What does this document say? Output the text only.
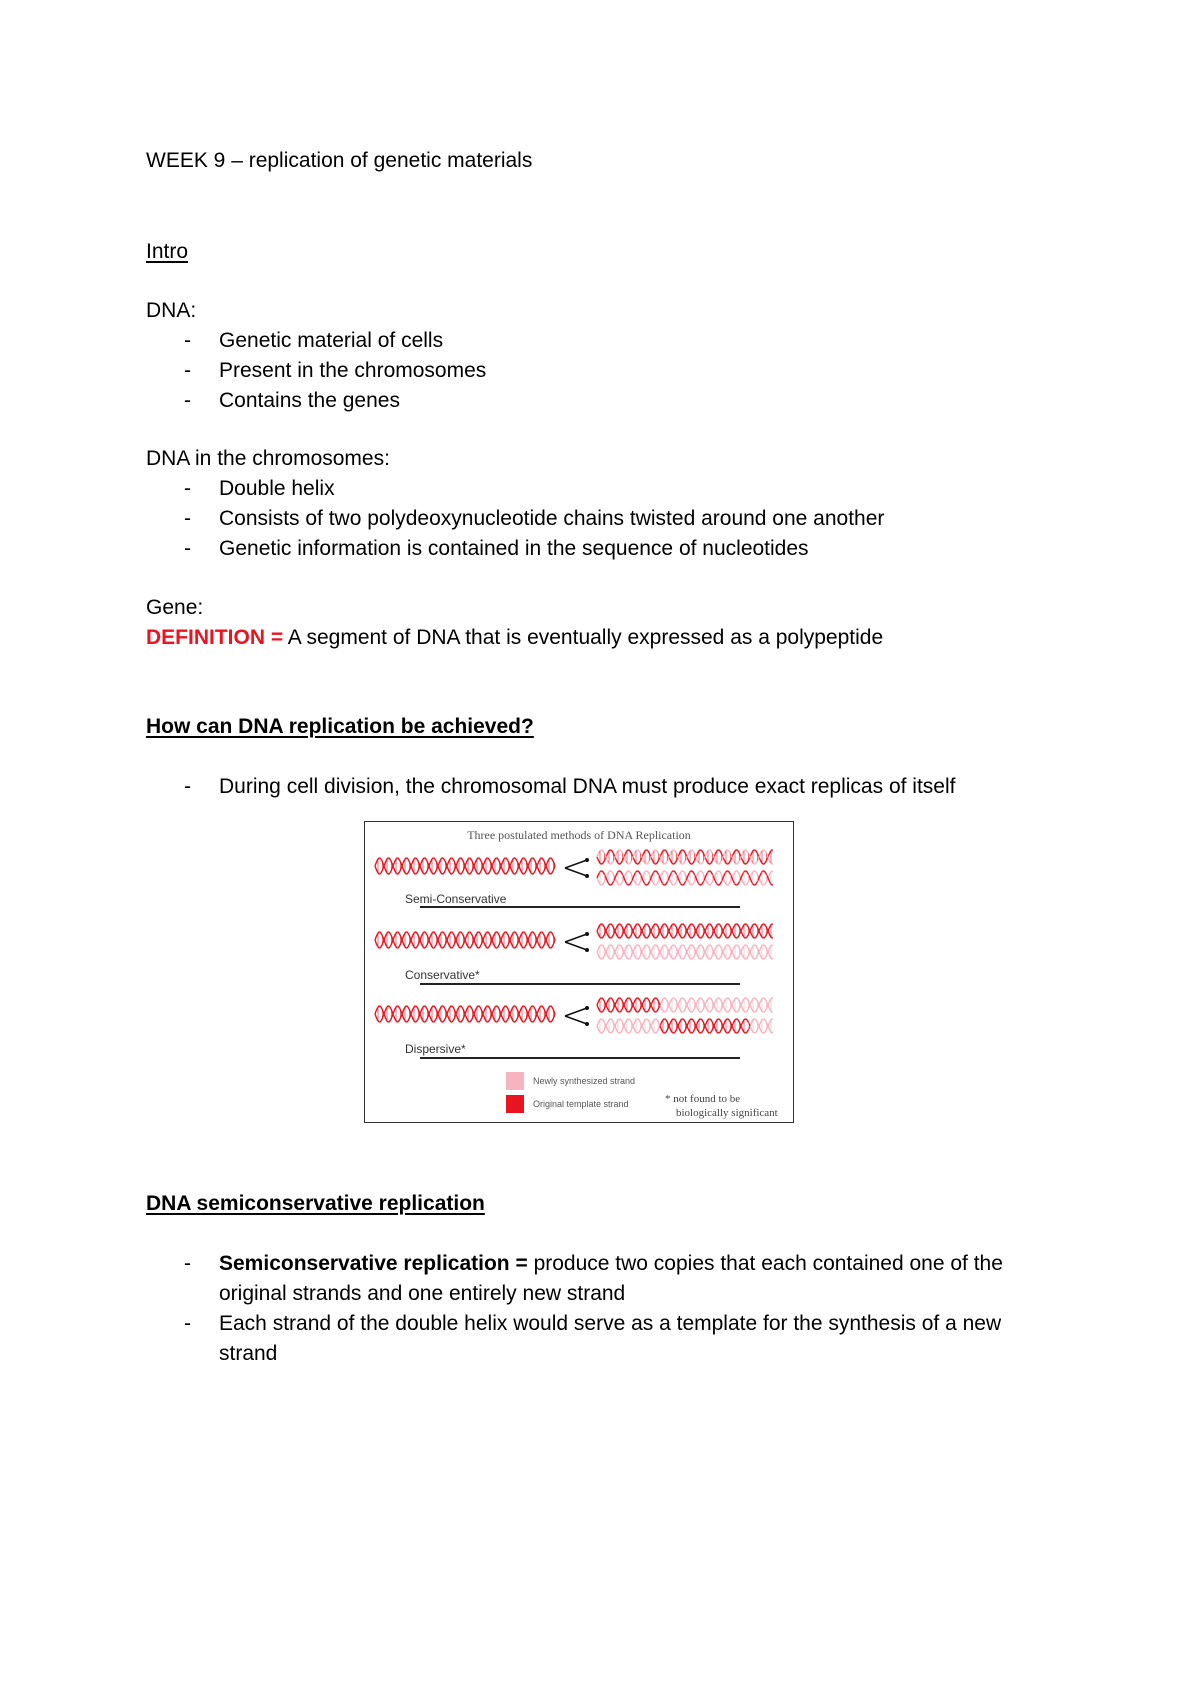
WEEK 9 – replication of genetic materials
Intro
DNA:
- Genetic material of cells
- Present in the chromosomes
- Contains the genes
DNA in the chromosomes:
- Double helix
- Consists of two polydeoxynucleotide chains twisted around one another
- Genetic information is contained in the sequence of nucleotides
Gene:
DEFINITION = A segment of DNA that is eventually expressed as a polypeptide
How can DNA replication be achieved?
- During cell division, the chromosomal DNA must produce exact replicas of itself
DNA semiconservative replication
- Semiconservative replication = produce two copies that each contained one of the
original strands and one entirely new strand
- Each strand of the double helix would serve as a template for the synthesis of a new
strand
Three postulated methods of DNA Replication
Semi-Conservative
Conservative*
Dispersive*
Newly synthesized strand
Original template strand	* not found to be
biologically significant
